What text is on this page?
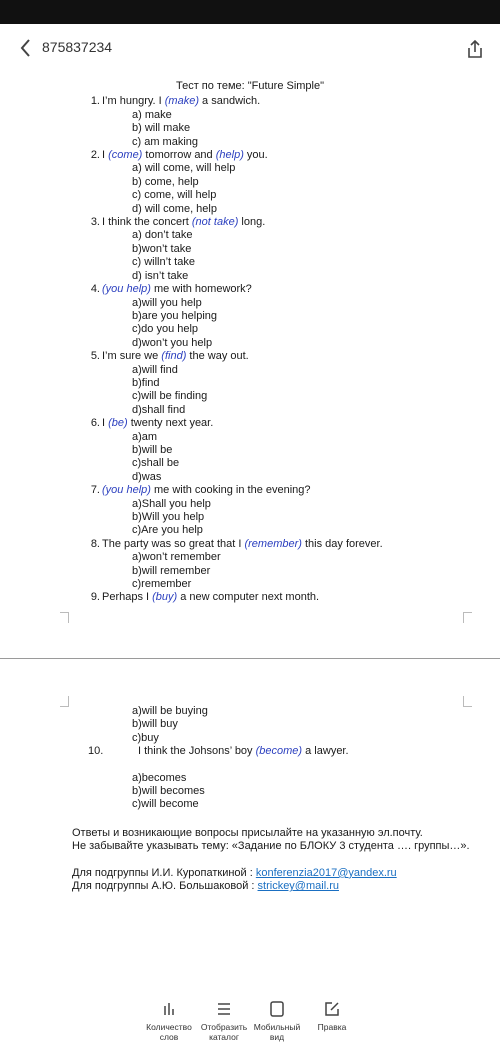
875837234
Тест по теме: "Future Simple"
1. I’m hungry. I (make) a sandwich.
a) make
b) will make
c) am making
2. I (come) tomorrow and (help) you.
a) will come, will help
b) come, help
c) come, will help
d) will come, help
3. I think the concert (not take) long.
a) don’t take
b)won’t take
c) willn’t take
d) isn’t take
4. (you help) me with homework?
a)will you help
b)are you helping
c)do you help
d)won’t you help
5. I’m sure we (find) the way out.
a)will find
b)find
c)will be finding
d)shall find
6. I (be) twenty next year.
a)am
b)will be
c)shall be
d)was
7. (you help) me with cooking in the evening?
a)Shall you help
b)Will you help
c)Are you help
8. The party was so great that I (remember) this day forever.
a)won’t remember
b)will remember
c)remember
9. Perhaps I (buy) a new computer next month.
a)will be buying
b)will buy
c)buy
10.	I think the Johsons’ boy (become) a lawyer.
a)becomes
b)will becomes
c)will become
Ответы и возникающие вопросы присылайте на указанную эл.почту.
Не забывайте указывать тему: «Задание по БЛОКУ 3 студента …. группы…».
Для подгруппы И.И. Куропаткиной : konferenzia2017@yandex.ru
Для подгруппы А.Ю. Большаковой : strickey@mail.ru
Количество слов
Отобразить каталог
Мобильный вид
Правка
